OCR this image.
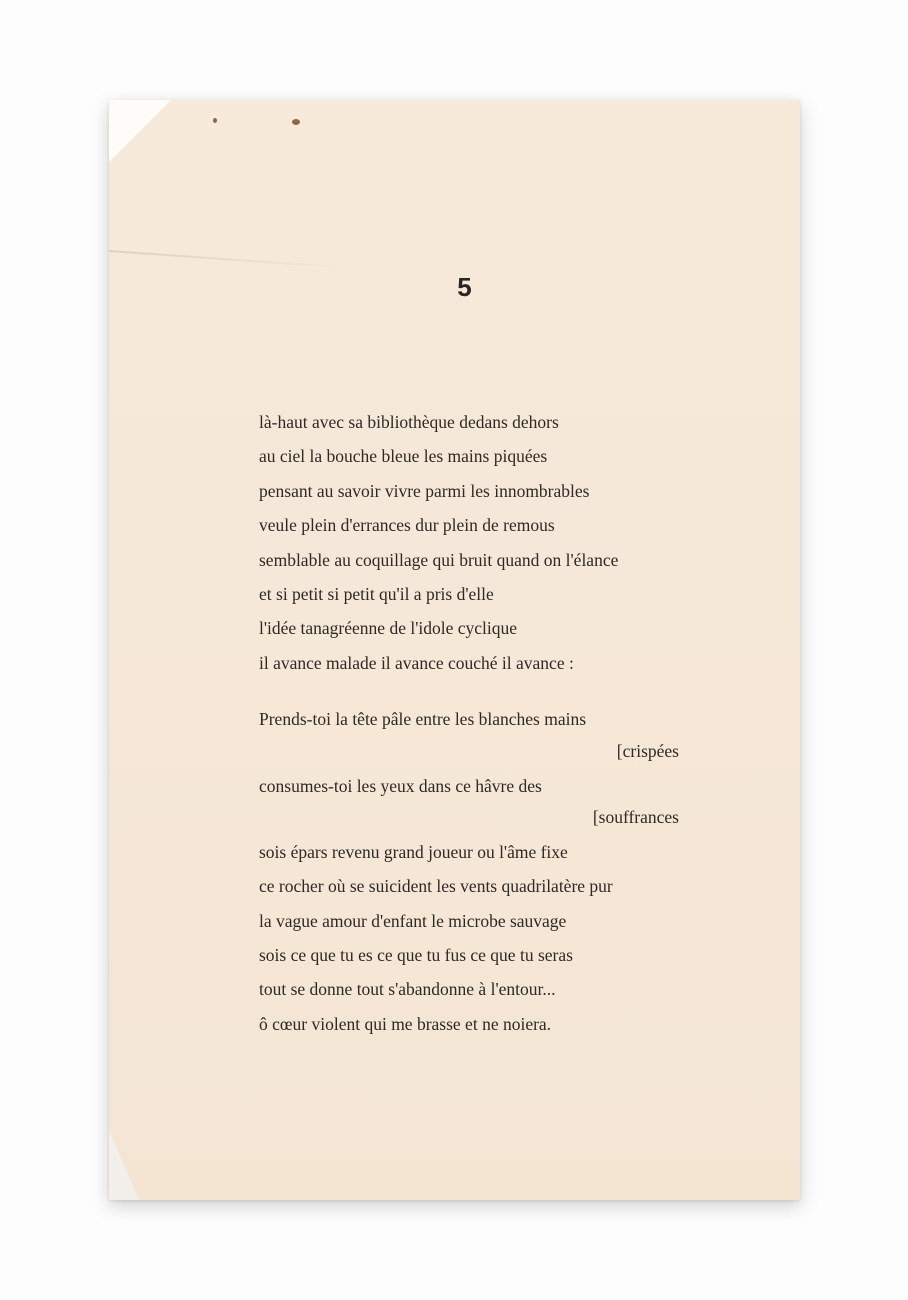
5
là-haut avec sa bibliothèque dedans dehors
au ciel la bouche bleue les mains piquées
pensant au savoir vivre parmi les innombrables
veule plein d'errances dur plein de remous
semblable au coquillage qui bruit quand on l'élance
et si petit si petit qu'il a pris d'elle
l'idée tanagréenne de l'idole cyclique
il avance malade il avance couché il avance :
Prends-toi la tête pâle entre les blanches mains
[crispées
consumes-toi les yeux dans ce hâvre des
[souffrances
sois épars revenu grand joueur ou l'âme fixe
ce rocher où se suicident les vents quadrilatère pur
la vague amour d'enfant le microbe sauvage
sois ce que tu es ce que tu fus ce que tu seras
tout se donne tout s'abandonne à l'entour...
ô cœur violent qui me brasse et ne noiera.
